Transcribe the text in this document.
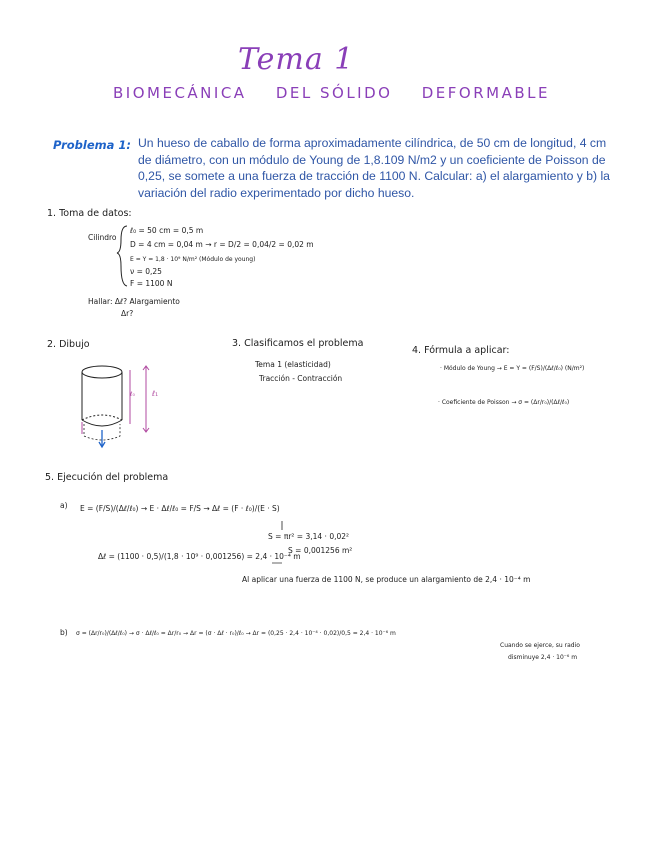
Tema 1
BIOMECÁNICA DEL SÓLIDO DEFORMABLE
Problema 1: Un hueso de caballo de forma aproximadamente cilíndrica, de 50 cm de longitud, 4 cm de diámetro, con un módulo de Young de 1,8.109 N/m2 y un coeficiente de Poisson de 0,25, se somete a una fuerza de tracción de 1100 N. Calcular: a) el alargamiento y b) la variación del radio experimentado por dicho hueso.
1. Toma de datos:
Cilindro
ℓ₀ = 50 cm = 0,5 m
D = 4 cm = 0,04 m → r = D/2 = 0,04/2 = 0,02 m
E = Y = 1,8 · 10⁹ N/m² (Módulo de young)
ν = 0,25
F = 1100 N
Hallar: Δℓ? Alargamiento
Δr?
2. Dibujo
ℓ₀ ℓ₁
3. Clasificamos el problema
Tema 1 (elasticidad)
Tracción - Contracción
4. Fórmula a aplicar:
· Módulo de Young → E = Y = (F/S)/(Δℓ/ℓ₀) (N/m²)
· Coeficiente de Poisson → σ = (Δr/r₀)/(Δℓ/ℓ₀)
5. Ejecución del problema
a) E = (F/S)/(Δℓ/ℓ₀) → E · Δℓ/ℓ₀ = F/S → Δℓ = (F · ℓ₀)/(E · S)
S = πr² = 3,14 · 0,02²
S = 0,001256 m²
Δℓ = (1100 · 0,5)/(1,8 · 10⁹ · 0,001256) = 2,4 · 10⁻⁴ m
Al aplicar una fuerza de 1100 N, se produce un alargamiento de 2,4 · 10⁻⁴ m
b) σ = (Δr/r₀)/(Δℓ/ℓ₀) → σ · Δℓ/ℓ₀ = Δr/r₀ → Δr = (σ · Δℓ · r₀)/ℓ₀ → Δr = (0,25 · 2,4 · 10⁻⁴ · 0,02)/0,5 = 2,4 · 10⁻⁶ m
Cuando se ejerce, su radio
disminuye 2,4 · 10⁻⁶ m
